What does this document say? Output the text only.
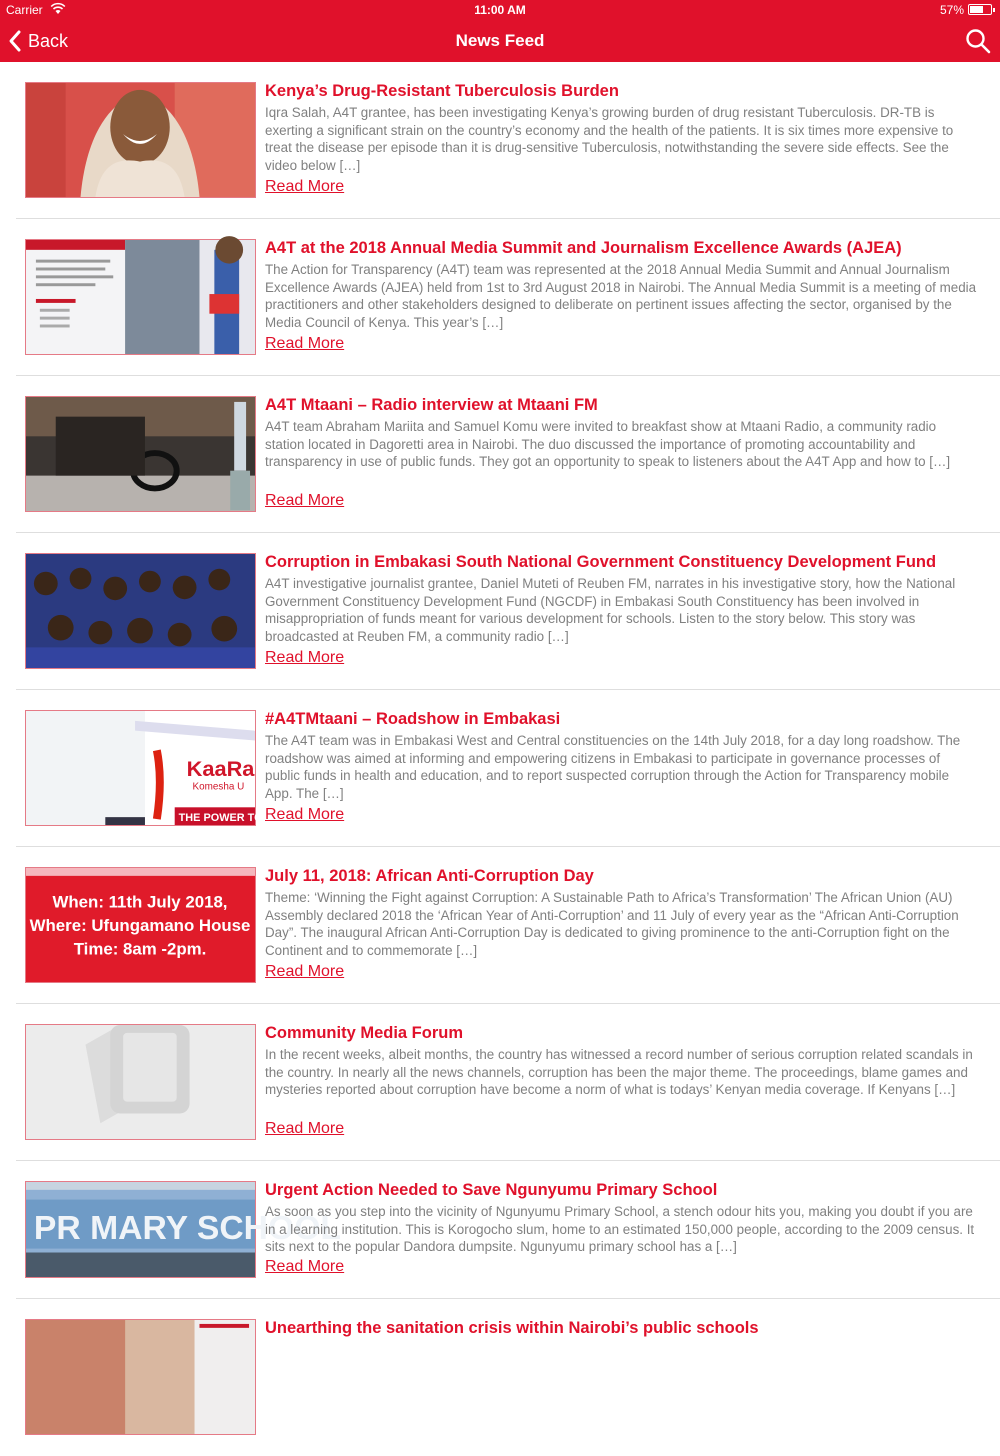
Carrier	11:00 AM	57%
Back	News Feed
Kenya’s Drug-Resistant Tuberculosis Burden
Iqra Salah, A4T grantee, has been investigating Kenya’s growing burden of drug resistant Tuberculosis. DR-TB is exerting a significant strain on the country’s economy and the health of the patients. It is six times more expensive to treat the disease per episode than it is drug-sensitive Tuberculosis, notwithstanding the severe side effects. See the video below […]
Read More
A4T at the 2018 Annual Media Summit and Journalism Excellence Awards (AJEA)
The Action for Transparency (A4T) team was represented at the 2018 Annual Media Summit and Annual Journalism Excellence Awards (AJEA) held from 1st to 3rd August 2018 in Nairobi. The Annual Media Summit is a meeting of media practitioners and other stakeholders designed to deliberate on pertinent issues affecting the sector, organised by the Media Council of Kenya. This year’s […]
Read More
A4T Mtaani – Radio interview at Mtaani FM
A4T team Abraham Mariita and Samuel Komu were invited to breakfast show at Mtaani Radio, a community radio station located in Dagoretti area in Nairobi. The duo discussed the importance of promoting accountability and transparency in use of public funds. They got an opportunity to speak to listeners about the A4T App and how to […]
Read More
Corruption in Embakasi South National Government Constituency Development Fund
A4T investigative journalist grantee, Daniel Muteti of Reuben FM, narrates in his investigative story, how the National Government Constituency Development Fund (NGCDF) in Embakasi South Constituency has been involved in misappropriation of funds meant for various development for schools. Listen to the story below. This story was broadcasted at Reuben FM, a community radio […]
Read More
KaaRa
Komesha U
THE POWER TO
#A4TMtaani – Roadshow in Embakasi
The A4T team was in Embakasi West and Central constituencies on the 14th July 2018, for a day long roadshow. The roadshow was aimed at informing and empowering citizens in Embakasi to participate in governance processes of public funds in health and education, and to report suspected corruption through the Action for Transparency mobile App. The […]
Read More
When: 11th July 2018,
Where: Ufungamano House
Time: 8am -2pm.
July 11, 2018: African Anti-Corruption Day
Theme: ‘Winning the Fight against Corruption: A Sustainable Path to Africa’s Transformation’ The African Union (AU) Assembly declared 2018 the ‘African Year of Anti-Corruption’ and 11 July of every year as the “African Anti-Corruption Day”. The inaugural African Anti-Corruption Day is dedicated to giving prominence to the anti-Corruption fight on the Continent and to commemorate […]
Read More
Community Media Forum
In the recent weeks, albeit months, the country has witnessed a record number of serious corruption related scandals in the country. In nearly all the news channels, corruption has been the major theme. The proceedings, blame games and mysteries reported about corruption have become a norm of what is todays’ Kenyan media coverage. If Kenyans […]
Read More
PR MARY SCHOOL
Urgent Action Needed to Save Ngunyumu Primary School
As soon as you step into the vicinity of Ngunyumu Primary School, a stench odour hits you, making you doubt if you are in a learning institution. This is Korogocho slum, home to an estimated 150,000 people, according to the 2009 census. It sits next to the popular Dandora dumpsite. Ngunyumu primary school has a […]
Read More
Unearthing the sanitation crisis within Nairobi’s public schools
